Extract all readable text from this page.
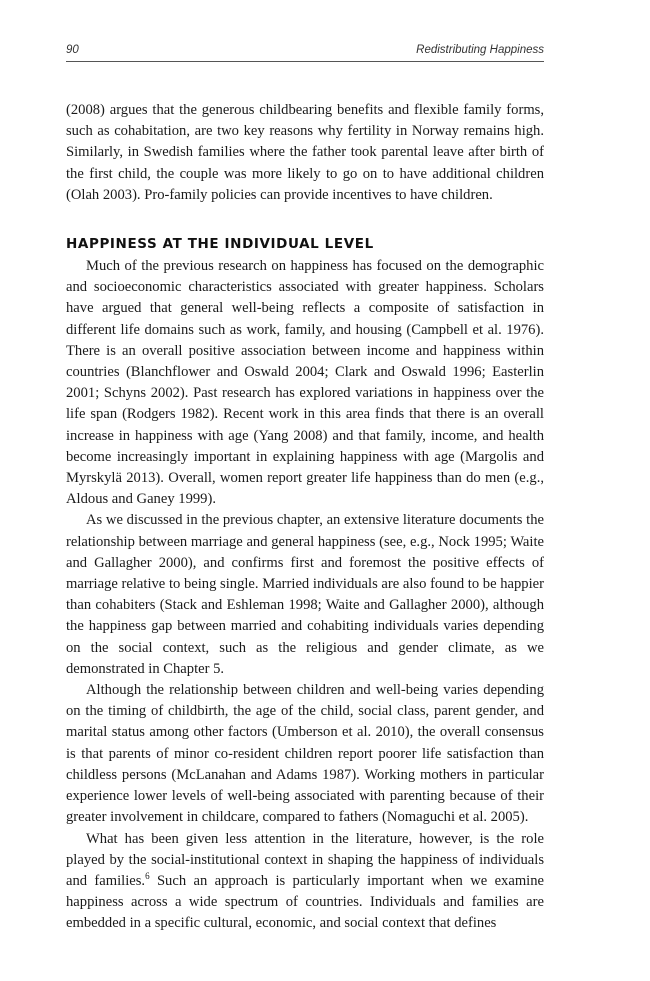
90	Redistributing Happiness

(2008) argues that the generous childbearing benefits and flexible family forms, such as cohabitation, are two key reasons why fertility in Norway remains high. Similarly, in Swedish families where the father took parental leave after birth of the first child, the couple was more likely to go on to have additional children (Olah 2003). Pro-family policies can provide incentives to have children.

HAPPINESS AT THE INDIVIDUAL LEVEL

Much of the previous research on happiness has focused on the demographic and socioeconomic characteristics associated with greater happiness. Scholars have argued that general well-being reflects a composite of satisfaction in different life domains such as work, family, and housing (Campbell et al. 1976). There is an overall positive association between income and happiness within countries (Blanchflower and Oswald 2004; Clark and Oswald 1996; Easterlin 2001; Schyns 2002). Past research has explored variations in happiness over the life span (Rodgers 1982). Recent work in this area finds that there is an overall increase in happiness with age (Yang 2008) and that family, income, and health become increasingly important in explaining happiness with age (Margolis and Myrskylä 2013). Overall, women report greater life happiness than do men (e.g., Aldous and Ganey 1999).

As we discussed in the previous chapter, an extensive literature documents the relationship between marriage and general happiness (see, e.g., Nock 1995; Waite and Gallagher 2000), and confirms first and foremost the positive effects of marriage relative to being single. Married individuals are also found to be happier than cohabiters (Stack and Eshleman 1998; Waite and Gallagher 2000), although the happiness gap between married and cohabiting individuals varies depending on the social context, such as the religious and gender climate, as we demonstrated in Chapter 5.

Although the relationship between children and well-being varies depending on the timing of childbirth, the age of the child, social class, parent gender, and marital status among other factors (Umberson et al. 2010), the overall consensus is that parents of minor co-resident children report poorer life satisfaction than childless persons (McLanahan and Adams 1987). Working mothers in particular experience lower levels of well-being associated with parenting because of their greater involvement in childcare, compared to fathers (Nomaguchi et al. 2005).

What has been given less attention in the literature, however, is the role played by the social-institutional context in shaping the happiness of individuals and families.$^6$ Such an approach is particularly important when we examine happiness across a wide spectrum of countries. Individuals and families are embedded in a specific cultural, economic, and social context that defines
